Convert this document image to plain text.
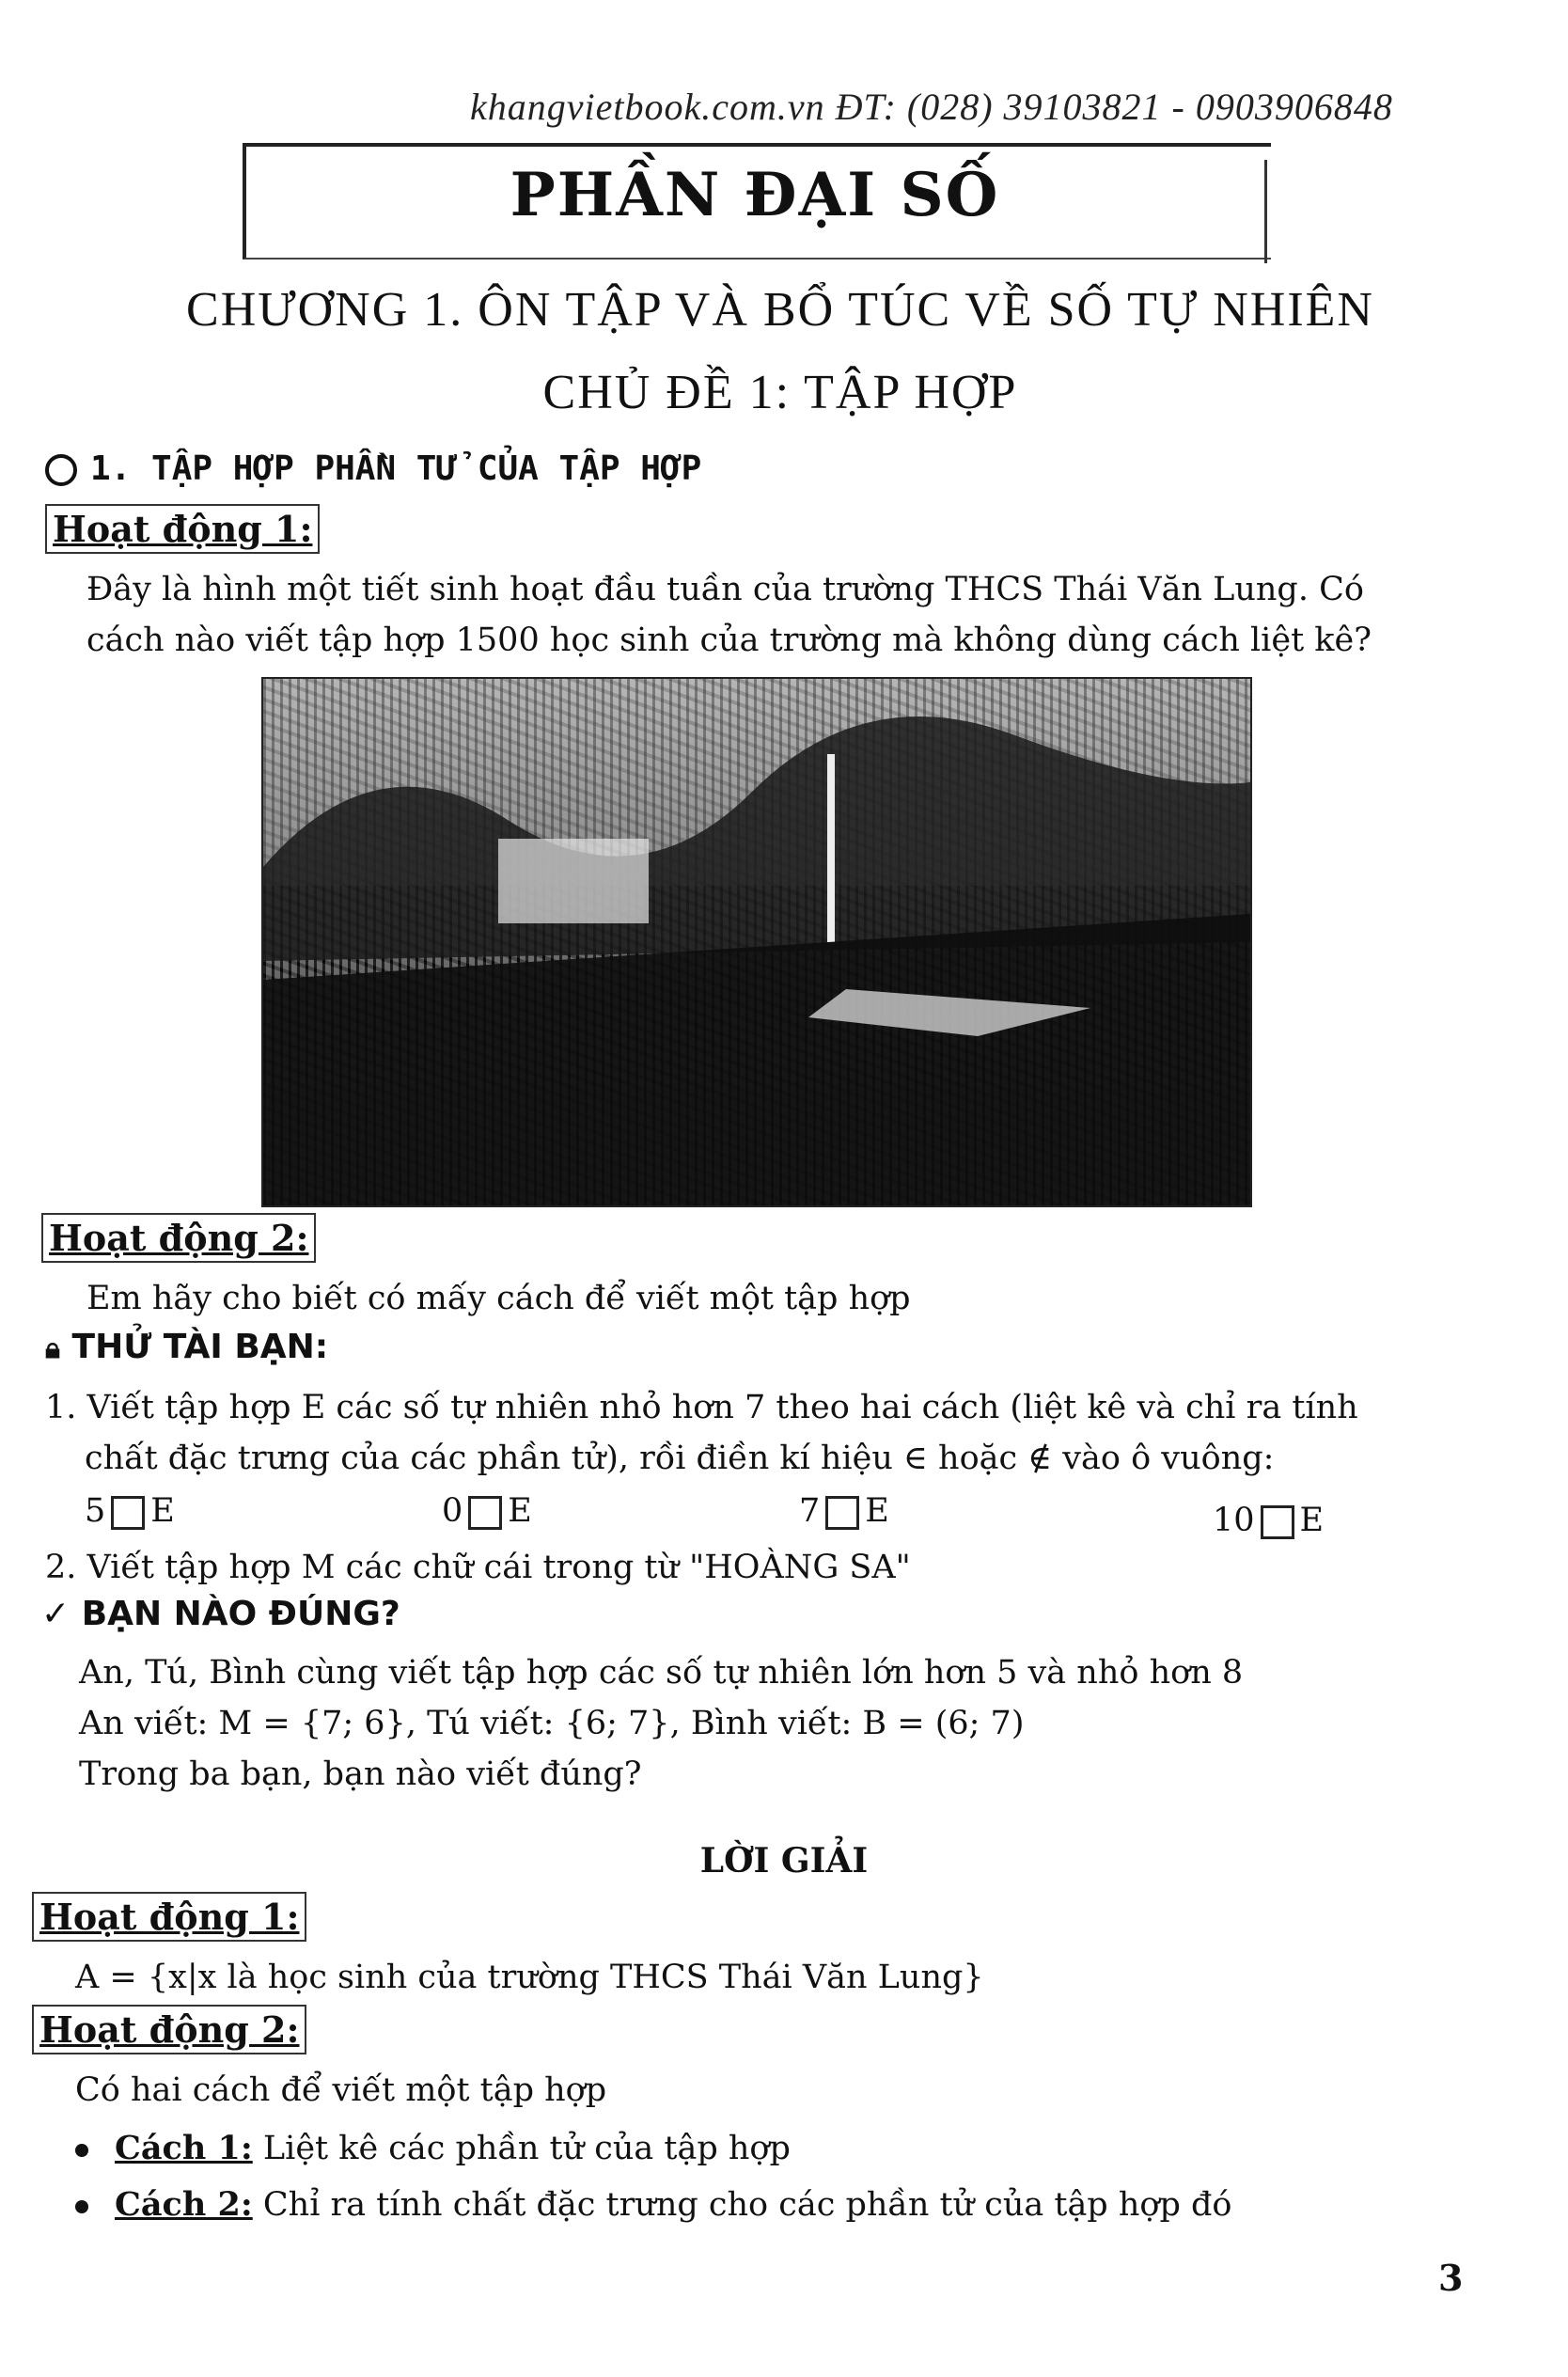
khangvietbook.com.vn ĐT: (028) 39103821 - 0903906848
PHẦN ĐẠI SỐ
CHƯƠNG 1. ÔN TẬP VÀ BỔ TÚC VỀ SỐ TỰ NHIÊN
CHỦ ĐỀ 1: TẬP HỢP
1. TẬP HỢP PHẦN TỬ CỦA TẬP HỢP
Hoạt động 1:
Đây là hình một tiết sinh hoạt đầu tuần của trường THCS Thái Văn Lung. Có
cách nào viết tập hợp 1500 học sinh của trường mà không dùng cách liệt kê?
Hoạt động 2:
Em hãy cho biết có mấy cách để viết một tập hợp
🔒︎ THỬ TÀI BẠN:
1. Viết tập hợp E các số tự nhiên nhỏ hơn 7 theo hai cách (liệt kê và chỉ ra tính
chất đặc trưng của các phần tử), rồi điền kí hiệu ∈ hoặc ∉ vào ô vuông:
5 E	0 E	7 E	10 E
2. Viết tập hợp M các chữ cái trong từ "HOÀNG SA"
✓ BẠN NÀO ĐÚNG?
An, Tú, Bình cùng viết tập hợp các số tự nhiên lớn hơn 5 và nhỏ hơn 8
An viết: M = {7; 6}, Tú viết: {6; 7}, Bình viết: B = (6; 7)
Trong ba bạn, bạn nào viết đúng?
LỜI GIẢI
Hoạt động 1:
A = {x|x là học sinh của trường THCS Thái Văn Lung}
Hoạt động 2:
Có hai cách để viết một tập hợp
Cách 1: Liệt kê các phần tử của tập hợp
Cách 2: Chỉ ra tính chất đặc trưng cho các phần tử của tập hợp đó
3
